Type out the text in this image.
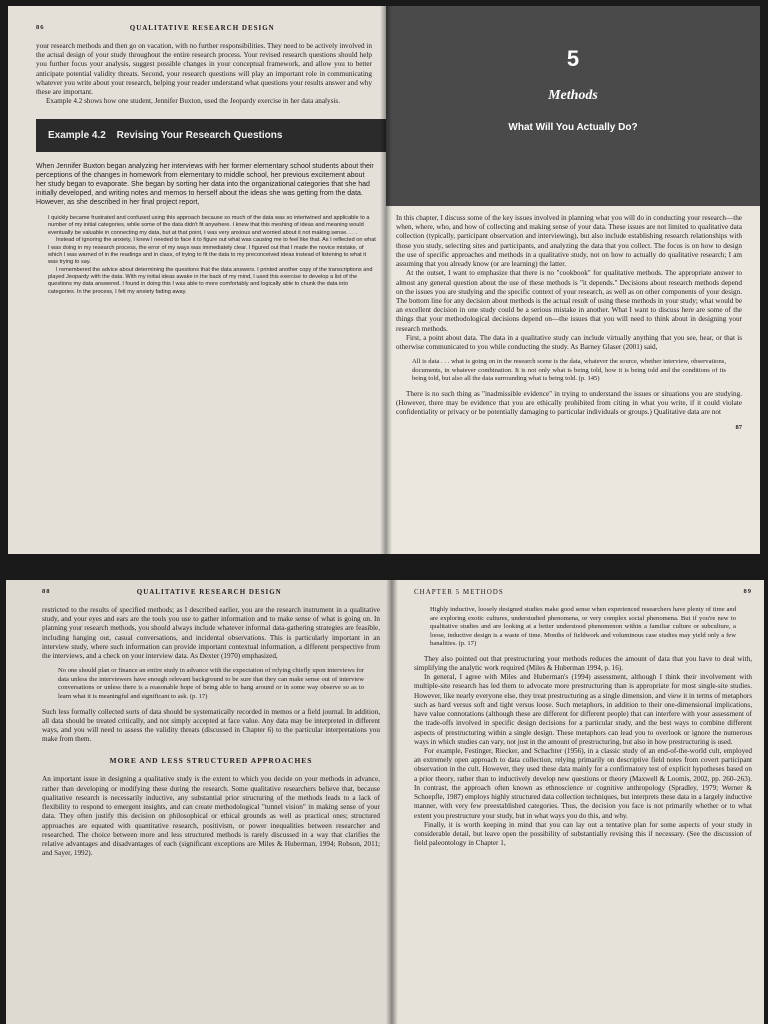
86	QUALITATIVE RESEARCH DESIGN

your research methods and then go on vacation, with no further responsibilities. They need to be actively involved in the actual design of your study throughout the entire research process. Your revised research questions should help you further focus your analysis, suggest possible changes in your conceptual framework, and allow you to better anticipate potential validity threats. Second, your research questions will play an important role in communicating whatever you write about your research, helping your reader understand what questions your results answer and why these are important.

Example 4.2 shows how one student, Jennifer Buxton, used the Jeopardy exercise in her data analysis.

Example 4.2 Revising Your Research Questions

When Jennifer Buxton began analyzing her interviews with her former elementary school students about their perceptions of the changes in homework from elementary to middle school, her previous excitement about her study began to evaporate. She began by sorting her data into the organizational categories that she had initially developed, and writing notes and memos to herself about the ideas she was getting from the data. However, as she described in her final project report,

I quickly became frustrated and confused using this approach because so much of the data was so intertwined and applicable to a number of my initial categories, while some of the data didn't fit anywhere. I knew that this meshing of ideas and meaning would eventually be valuable in connecting my data, but at that point, I was very anxious and worried about it not making sense. . . .

Instead of ignoring the anxiety, I knew I needed to face it to figure out what was causing me to feel like that. As I reflected on what I was doing in my research process, the error of my ways was immediately clear. I figured out that I made the novice mistake, of which I was warned of in the readings and in class, of trying to fit the data to my preconceived ideas instead of listening to what it was trying to say.

I remembered the advice about determining the questions that the data answers. I printed another copy of the transcriptions and played Jeopardy with the data. With my initial ideas awake in the back of my mind, I used this exercise to develop a list of the questions my data answered. I found in doing this I was able to more comfortably and logically able to chunk the data into categories. In the process, I felt my anxiety fading away.

5
Methods
What Will You Actually Do?

In this chapter, I discuss some of the key issues involved in planning what you will do in conducting your research—the when, where, who, and how of collecting and making sense of your data. These issues are not limited to qualitative data collection (typically, participant observation and interviewing), but also include establishing research relationships with those you study, selecting sites and participants, and analyzing the data that you collect. The focus is on how to design the use of specific approaches and methods in a qualitative study, not on how to actually do qualitative research; I am assuming that you already know (or are learning) the latter.

At the outset, I want to emphasize that there is no "cookbook" for qualitative methods. The appropriate answer to almost any general question about the use of these methods is "it depends." Decisions about research methods depend on the issues you are studying and the specific context of your research, as well as on other components of your design. The bottom line for any decision about methods is the actual result of using these methods in your study; what would be an excellent decision in one study could be a serious mistake in another. What I want to discuss here are some of the things that your methodological decisions depend on—the issues that you will need to think about in designing your research methods.

First, a point about data. The data in a qualitative study can include virtually anything that you see, hear, or that is otherwise communicated to you while conducting the study. As Barney Glaser (2001) said,

All is data . . . what is going on in the research scene is the data, whatever the source, whether interview, observations, documents, in whatever combination. It is not only what is being told, how it is being told and the conditions of its being told, but also all the data surrounding what is being told. (p. 145)

There is no such thing as "inadmissible evidence" in trying to understand the issues or situations you are studying. (However, there may be evidence that you are ethically prohibited from citing in what you write, if it could violate confidentiality or privacy or be potentially damaging to particular individuals or groups.) Qualitative data are not

87
88	QUALITATIVE RESEARCH DESIGN

restricted to the results of specified methods; as I described earlier, you are the research instrument in a qualitative study, and your eyes and ears are the tools you use to gather information and to make sense of what is going on. In planning your research methods, you should always include whatever informal data-gathering strategies are feasible, including hanging out, casual conversations, and incidental observations. This is particularly important in an interview study, where such information can provide important contextual information, a different perspective from the interviews, and a check on your interview data. As Dexter (1970) emphasized,

No one should plan or finance an entire study in advance with the expectation of relying chiefly upon interviews for data unless the interviewers have enough relevant background to be sure that they can make sense out of interview conversations or unless there is a reasonable hope of being able to hang around or in some way observe so as to learn what it is meaningful and significant to ask. (p. 17)

Such less formally collected sorts of data should be systematically recorded in memos or a field journal. In addition, all data should be treated critically, and not simply accepted at face value. Any data may be interpreted in different ways, and you will need to assess the validity threats (discussed in Chapter 6) to the particular interpretations you make from them.

MORE AND LESS STRUCTURED APPROACHES

An important issue in designing a qualitative study is the extent to which you decide on your methods in advance, rather than developing or modifying these during the research. Some qualitative researchers believe that, because qualitative research is necessarily inductive, any substantial prior structuring of the methods leads to a lack of flexibility to respond to emergent insights, and can create methodological "tunnel vision" in making sense of your data. They often justify this decision on philosophical or ethical grounds as well as practical ones; structured approaches are equated with quantitative research, positivism, or power inequalities between researcher and researched. The choice between more and less structured methods is rarely discussed in a way that clarifies the relative advantages and disadvantages of each (significant exceptions are Miles & Huberman, 1994; Robson, 2011; and Sayer, 1992).

CHAPTER 5 METHODS	89
Highly inductive, loosely designed studies make good sense when experienced researchers have plenty of time and are exploring exotic cultures, understudied phenomena, or very complex social phenomena. But if you're new to qualitative studies and are looking at a better understood phenomenon within a familiar culture or subculture, a loose, inductive design is a waste of time. Months of fieldwork and voluminous case studies may yield only a few banalities. (p. 17)

They also pointed out that prestructuring your methods reduces the amount of data that you have to deal with, simplifying the analytic work required (Miles & Huberman 1994, p. 16).

In general, I agree with Miles and Huberman's (1994) assessment, although I think their involvement with multiple-site research has led them to advocate more prestructuring than is appropriate for most single-site studies. However, like nearly everyone else, they treat prestructuring as a single dimension, and view it in terms of metaphors such as hard versus soft and tight versus loose. Such metaphors, in addition to their one-dimensional implications, have value connotations (although these are different for different people) that can interfere with your assessment of the trade-offs involved in specific design decisions for a particular study, and the best ways to combine different aspects of prestructuring within a single design. These metaphors can lead you to overlook or ignore the numerous ways in which studies can vary, not just in the amount of prestructuring, but also in how prestructuring is used.

For example, Festinger, Riecker, and Schachter (1956), in a classic study of an end-of-the-world cult, employed an extremely open approach to data collection, relying primarily on descriptive field notes from covert participant observation in the cult. However, they used these data mainly for a confirmatory test of explicit hypotheses based on a prior theory, rather than to inductively develop new questions or theory (Maxwell & Loomis, 2002, pp. 260–263). In contrast, the approach often known as ethnoscience or cognitive anthropology (Spradley, 1979; Werner & Schoepfle, 1987) employs highly structured data collection techniques, but interprets these data in a largely inductive manner, with very few preestablished categories. Thus, the decision you face is not primarily whether or to what extent you prestructure your study, but in what ways you do this, and why.

Finally, it is worth keeping in mind that you can lay out a tentative plan for some aspects of your study in considerable detail, but leave open the possibility of substantially revising this if necessary. (See the discussion of field paleontology in Chapter 1,
